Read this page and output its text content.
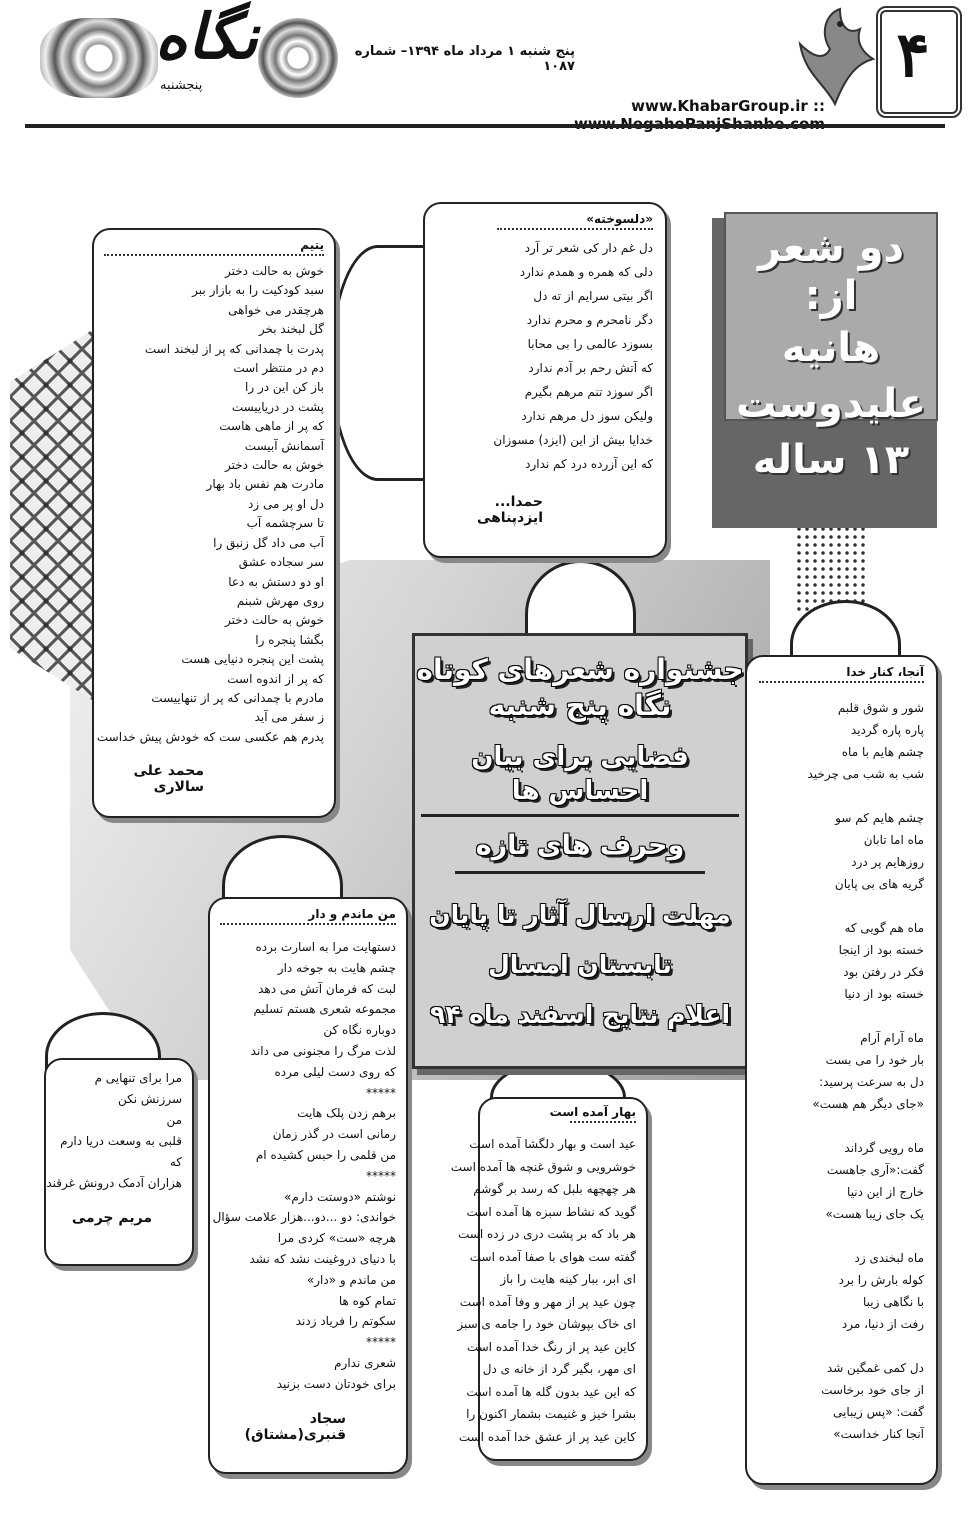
نگاه
پنجشنبه
پنج شنبه ۱ مرداد ماه ۱۳۹۴– شماره ۱۰۸۷	۴
www.KhabarGroup.ir ::
دو شعر از:
هانیه علیدوست
۱۳ ساله
یتیم
خوش به حالت دختر
سبد کودکیت را به بازار ببر
هرچقدر می خواهی
گل لبخند بخر
پدرت با چمدانی که پر از لبخند است
دم در منتظر است
باز کن این در را
پشت در دریاییست
که پر از ماهی هاست
آسمانش آبیست
خوش به حالت دختر
مادرت هم نفس باد بهار
دل او پر می زد
تا سرچشمه آب
آب می داد گل زنبق را
سر سجاده عشق
او دو دستش به دعا
روی مهرش شبنم
خوش به حالت دختر
بگشا پنجره را
پشت این پنجره دنیایی هست
که پر از اندوه است
مادرم با چمدانی که پر از تنهاییست
ز سفر می آید
پدرم هم عکسی ست که خودش پیش خداست
محمد علی سالاری
«دلسوخته»
دل غم دار کی شعر تر آرد
دلی که همره و همدم ندارد
اگر بیتی سرایم از ته دل
دگر نامحرم و محرم ندارد
بسوزد عالمی را بی محابا
که آتش رحم بر آدم ندارد
اگر سوزد تنم مرهم بگیرم
ولیکن سوز دل مرهم ندارد
خدایا بیش از این (ایزد) مسوزان
که این آزرده درد کم ندارد
حمدا... ایزدپناهی
جشنواره شعرهای کوتاه
نگاه پنج شنبه
فضایی برای بیان احساس ها
وحرف های تازه
مهلت ارسال آثار تا پایان
تابستان امسال
اعلام نتایج اسفند ماه ۹۴
آنجا، کنار خدا
شور و شوق قلبم
پاره پاره گردید
چشم هایم با ماه
شب به شب می چرخید
چشم هایم کم سو
ماه اما تابان
روزهایم پر درد
گریه های بی پایان
ماه هم گویی که
خسته بود از اینجا
فکر در رفتن بود
خسته بود از دنیا
ماه آرام آرام
بار خود را می بست
دل به سرعت پرسید:
«جای دیگر هم هست»
ماه رویی گرداند
گفت:«آری جاهست
خارج از این دنیا
یک جای زیبا هست»
ماه لبخندی زد
کوله بارش را برد
با نگاهی زیبا
رفت از دنیا، مرد
دل کمی غمگین شد
از جای خود برخاست
گفت: «پس زیبایی
آنجا کنار خداست»
من ماندم و دار
دستهایت مرا به اسارت برده
چشم هایت به جوخه دار
لبت که فرمان آتش می دهد
مجموعه شعری هستم تسلیم
دوباره نگاه کن
لذت مرگ را مجنونی می داند
که روی دست لیلی مرده
*****
برهم زدن پلک هایت
رمانی است در گذر زمان
من قلمی را حبس کشیده ام
*****
نوشتم «دوستت دارم»
خواندی: دو ...دو...هزار علامت سؤال
هرچه «ست» کردی مرا
با دنیای دروغینت نشد که نشد
من ماندم و «دار»
تمام کوه ها
سکوتم را فریاد زدند
*****
شعری ندارم
برای خودتان دست بزنید
سجاد قنبری(مشتاق)
مرا برای تنهایی م
سرزنش نکن
من
قلبی به وسعت دریا دارم
که
هزاران آدمک درونش غرقند
مریم چرمی
بهار آمده است
عید است و بهار دلگشا آمده است
خوشرویی و شوق غنچه ها آمده است
هر چهچهه بلبل که رسد بر گوشم
گوید که نشاط سبزه ها آمده است
هر باد که بر پشت دری در زده است
گفته ست هوای با صفا آمده است
ای ابر، ببار کینه هایت را باز
چون عید پر از مهر و وفا آمده است
ای خاک بپوشان خود را جامه ی سبز
کاین عید پر از رنگ خدا آمده است
ای مهر، بگیر گرد از خانه ی دل
که این عید بدون گله ها آمده است
بشرا خیز و غنیمت بشمار اکنون را
کاین عید پر از عشق خدا آمده است
